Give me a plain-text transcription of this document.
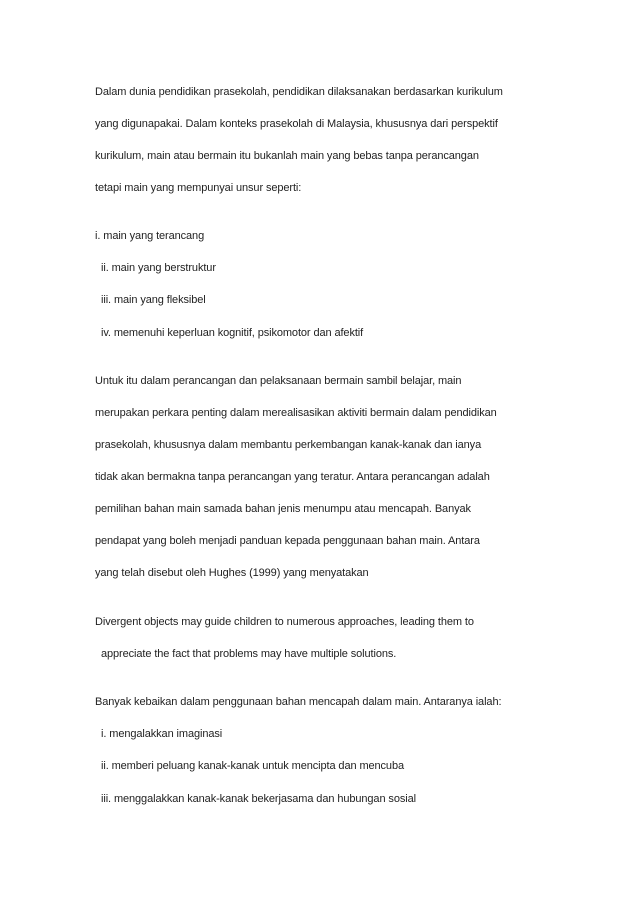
Dalam dunia pendidikan prasekolah, pendidikan dilaksanakan berdasarkan kurikulum
yang digunapakai. Dalam konteks prasekolah di Malaysia, khususnya dari perspektif
kurikulum, main atau bermain itu bukanlah main yang bebas tanpa perancangan
tetapi main yang mempunyai unsur seperti:
i. main yang terancang
ii. main yang berstruktur
iii. main yang fleksibel
iv. memenuhi keperluan kognitif, psikomotor dan afektif
Untuk itu dalam perancangan dan pelaksanaan bermain sambil belajar, main
merupakan perkara penting dalam merealisasikan aktiviti bermain dalam pendidikan
prasekolah, khususnya dalam membantu perkembangan kanak-kanak dan ianya
tidak akan bermakna tanpa perancangan yang teratur. Antara perancangan adalah
pemilihan bahan main samada bahan jenis menumpu atau mencapah. Banyak
pendapat yang boleh menjadi panduan kepada penggunaan bahan main. Antara
yang telah disebut oleh Hughes (1999) yang menyatakan
Divergent objects may guide children to numerous approaches, leading them to
appreciate the fact that problems may have multiple solutions.
Banyak kebaikan dalam penggunaan bahan mencapah dalam main. Antaranya ialah:
i. mengalakkan imaginasi
ii. memberi peluang kanak-kanak untuk mencipta dan mencuba
iii. menggalakkan kanak-kanak bekerjasama dan hubungan sosial
